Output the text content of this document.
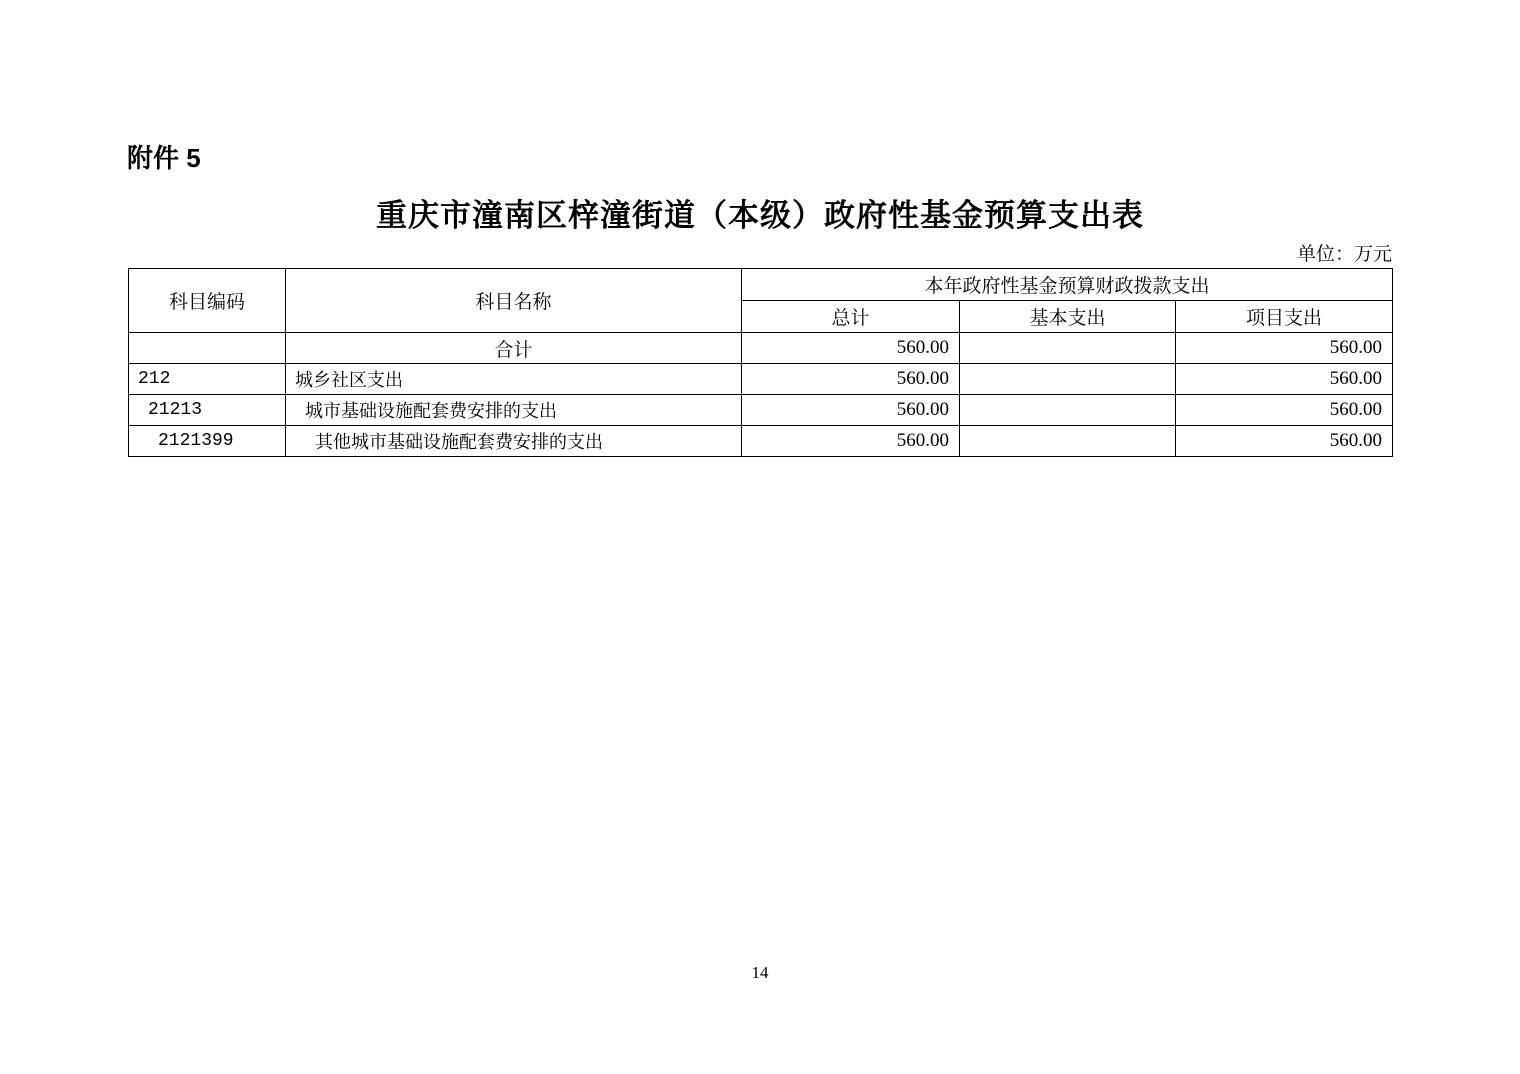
附件 5
重庆市潼南区梓潼街道（本级）政府性基金预算支出表
单位：万元
科目编码	科目名称	本年政府性基金预算财政拨款支出		
		总计	基本支出	项目支出
	合计	560.00		560.00
212	城乡社区支出	560.00		560.00
21213	城市基础设施配套费安排的支出	560.00		560.00
2121399	其他城市基础设施配套费安排的支出	560.00		560.00
14
